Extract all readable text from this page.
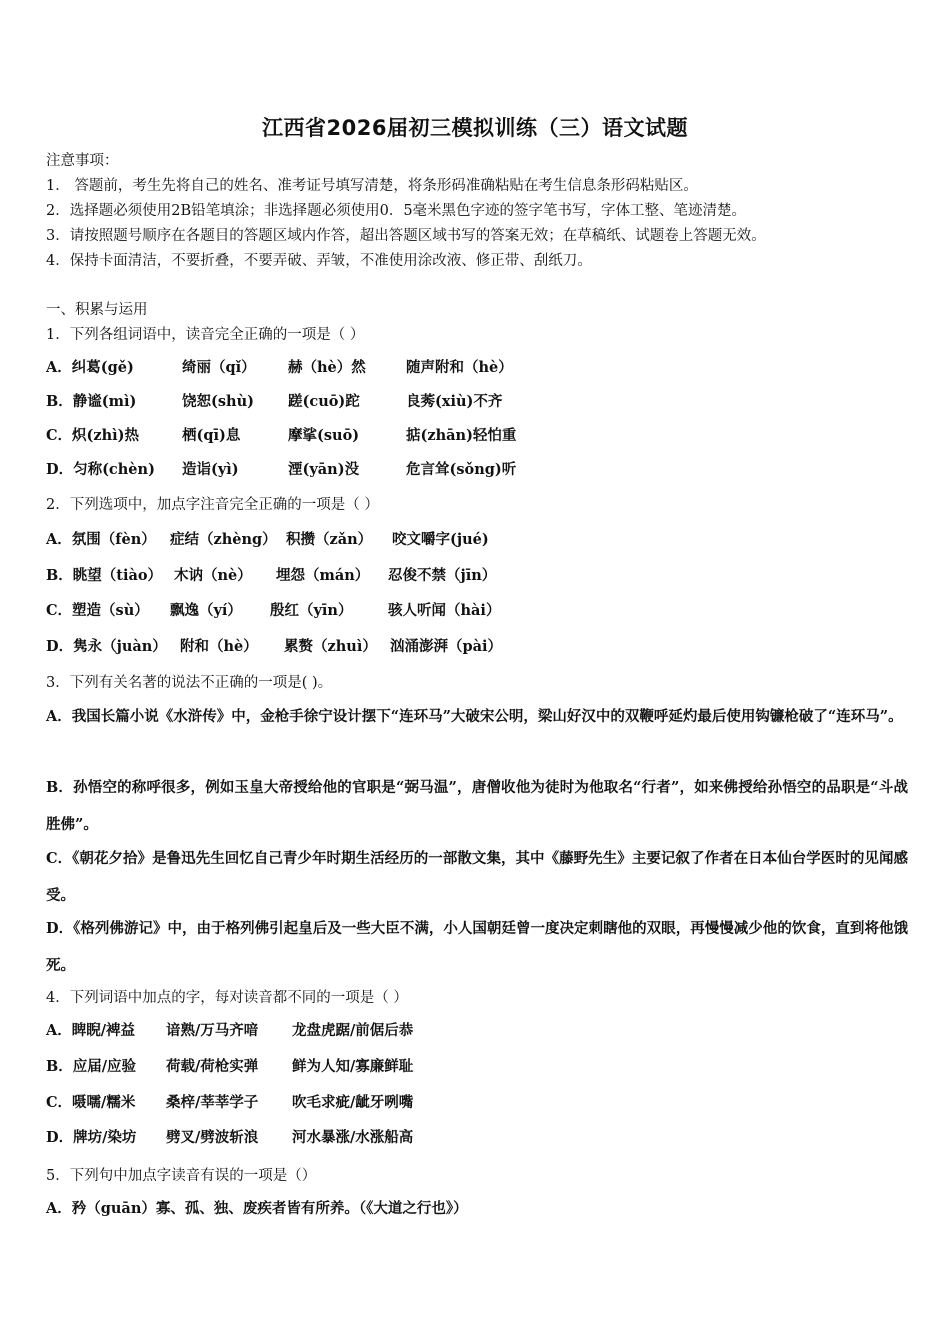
江西省2026届初三模拟训练（三）语文试题
注意事项：
1． 答题前，考生先将自己的姓名、准考证号填写清楚，将条形码准确粘贴在考生信息条形码粘贴区。
2．选择题必须使用2B铅笔填涂；非选择题必须使用0．5毫米黑色字迹的签字笔书写，字体工整、笔迹清楚。
3．请按照题号顺序在各题目的答题区域内作答，超出答题区域书写的答案无效；在草稿纸、试题卷上答题无效。
4．保持卡面清洁，不要折叠，不要弄破、弄皱，不准使用涂改液、修正带、刮纸刀。
一、积累与运用
1．下列各组词语中，读音完全正确的一项是（ ）
A．纠葛(gě)	绮丽（qǐ） 赫（hè）然	随声附和（hè）
B．静谧(mì)	饶恕(shù) 蹉(cuō)跎	良莠(xiù)不齐
C．炽(zhì)热	栖(qī)息	摩挲(suō)	掂(zhān)轻怕重
D．匀称(chèn) 造诣(yì)	湮(yān)没	危言耸(sǒng)听
2．下列选项中，加点字注音完全正确的一项是（ ）
A．氛围（fèn） 症结（zhèng） 积攒（zǎn） 咬文嚼字(jué)
B．眺望（tiào） 木讷（nè） 埋怨（mán） 忍俊不禁（jīn）
C．塑造（sù） 飘逸（yí） 殷红（yīn） 骇人听闻（hài）
D．隽永（juàn） 附和（hè） 累赘（zhuì） 汹涌澎湃（pài）
3．下列有关名著的说法不正确的一项是( )。
A．我国长篇小说《水浒传》中，金枪手徐宁设计摆下“连环马”大破宋公明，梁山好汉中的双鞭呼延灼最后使用钩镰枪破了“连环马”。
B．孙悟空的称呼很多，例如玉皇大帝授给他的官职是“弼马温”，唐僧收他为徒时为他取名“行者”，如来佛授给孙悟空的品职是“斗战胜佛”。
C．《朝花夕拾》是鲁迅先生回忆自己青少年时期生活经历的一部散文集，其中《藤野先生》主要记叙了作者在日本仙台学医时的见闻感受。
D．《格列佛游记》中，由于格列佛引起皇后及一些大臣不满，小人国朝廷曾一度决定刺瞎他的双眼，再慢慢减少他的饮食，直到将他饿死。
4．下列词语中加点的字，每对读音都不同的一项是（ ）
A．睥睨/裨益 谙熟/万马齐喑 龙盘虎踞/前倨后恭
B．应届/应验 荷载/荷枪实弹 鲜为人知/寡廉鲜耻
C．嗫嚅/糯米 桑梓/莘莘学子 吹毛求疵/龇牙咧嘴
D．牌坊/染坊 劈叉/劈波斩浪 河水暴涨/水涨船高
5．下列句中加点字读音有误的一项是（）
A．矜（guān）寡、孤、独、废疾者皆有所养。（《大道之行也》）
